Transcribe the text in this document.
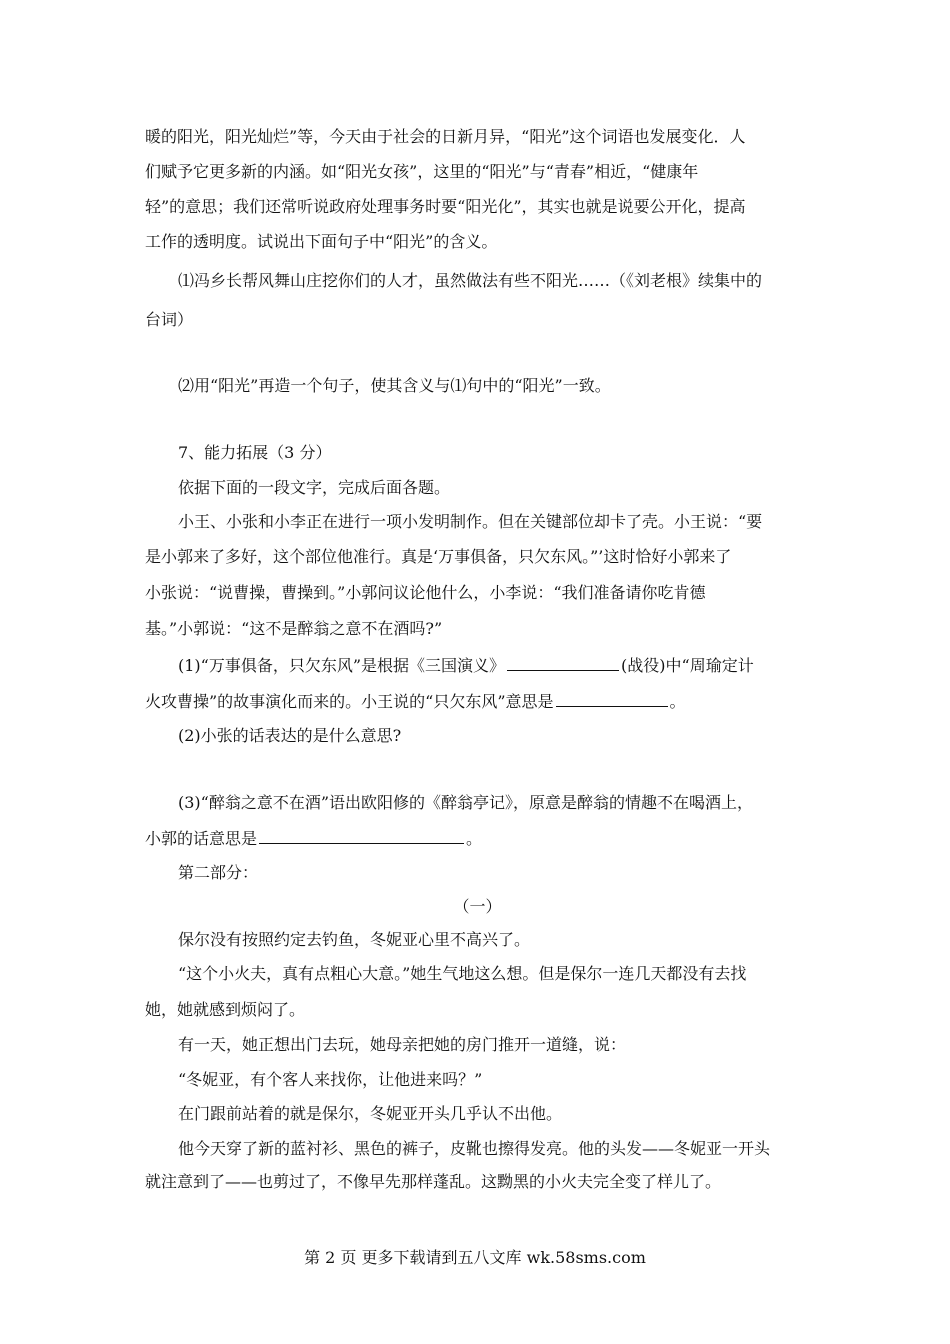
暖的阳光，阳光灿烂”等，今天由于社会的日新月异，“阳光”这个词语也发展变化．人
们赋予它更多新的内涵。如“阳光女孩”，这里的“阳光”与“青春”相近，“健康年
轻”的意思；我们还常听说政府处理事务时要“阳光化”，其实也就是说要公开化，提高
工作的透明度。试说出下面句子中“阳光”的含义。
⑴冯乡长帮风舞山庄挖你们的人才，虽然做法有些不阳光……（《刘老根》续集中的
台词）
⑵用“阳光”再造一个句子，使其含义与⑴句中的“阳光”一致。
7、能力拓展（3 分）
依据下面的一段文字，完成后面各题。
小王、小张和小李正在进行一项小发明制作。但在关键部位却卡了壳。小王说：“要
是小郭来了多好，这个部位他准行。真是‘万事俱备，只欠东风。”’这时恰好小郭来了
小张说：“说曹操，曹操到。”小郭问议论他什么，小李说：“我们准备请你吃肯德
基。”小郭说：“这不是醉翁之意不在酒吗?”
(1)“万事俱备，只欠东风”是根据《三国演义》	(战役)中“周瑜定计
火攻曹操”的故事演化而来的。小王说的“只欠东风”意思是	。
(2)小张的话表达的是什么意思?
(3)“醉翁之意不在酒”语出欧阳修的《醉翁亭记》，原意是醉翁的情趣不在喝酒上，
小郭的话意思是	。
第二部分：
（一）
保尔没有按照约定去钓鱼，冬妮亚心里不高兴了。
“这个小火夫，真有点粗心大意。”她生气地这么想。但是保尔一连几天都没有去找
她，她就感到烦闷了。
有一天，她正想出门去玩，她母亲把她的房门推开一道缝，说：
“冬妮亚，有个客人来找你，让他进来吗？”
在门跟前站着的就是保尔，冬妮亚开头几乎认不出他。
他今天穿了新的蓝衬衫、黑色的裤子，皮靴也擦得发亮。他的头发——冬妮亚一开头
就注意到了——也剪过了，不像早先那样蓬乱。这黝黑的小火夫完全变了样儿了。
第 2 页 更多下载请到五八文库 wk.58sms.com
